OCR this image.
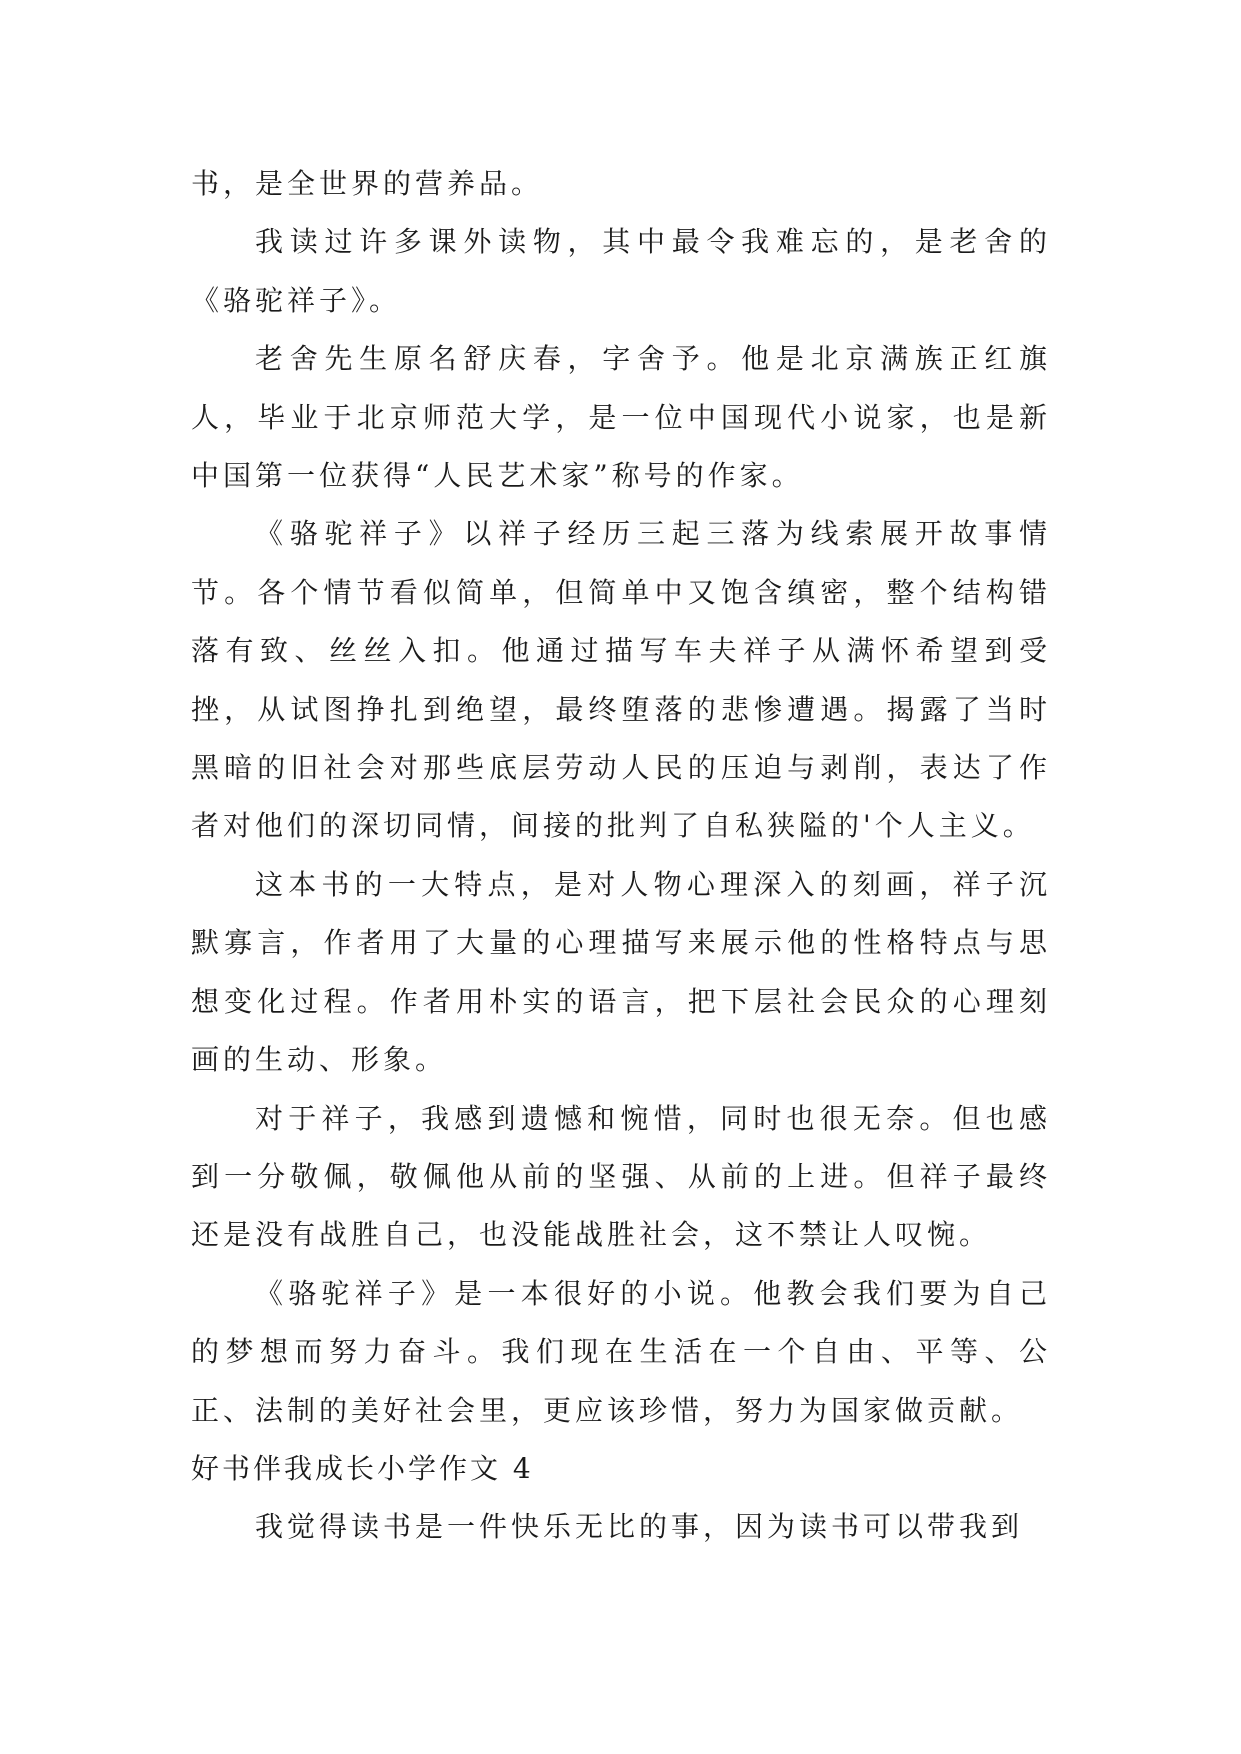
书，是全世界的营养品。

我读过许多课外读物，其中最令我难忘的，是老舍的《骆驼祥子》。

老舍先生原名舒庆春，字舍予。他是北京满族正红旗人，毕业于北京师范大学，是一位中国现代小说家，也是新中国第一位获得“人民艺术家”称号的作家。

《骆驼祥子》以祥子经历三起三落为线索展开故事情节。各个情节看似简单，但简单中又饱含缜密，整个结构错落有致、丝丝入扣。他通过描写车夫祥子从满怀希望到受挫，从试图挣扎到绝望，最终堕落的悲惨遭遇。揭露了当时黑暗的旧社会对那些底层劳动人民的压迫与剥削，表达了作者对他们的深切同情，间接的批判了自私狭隘的'个人主义。

这本书的一大特点，是对人物心理深入的刻画，祥子沉默寡言，作者用了大量的心理描写来展示他的性格特点与思想变化过程。作者用朴实的语言，把下层社会民众的心理刻画的生动、形象。

对于祥子，我感到遗憾和惋惜，同时也很无奈。但也感到一分敬佩，敬佩他从前的坚强、从前的上进。但祥子最终还是没有战胜自己，也没能战胜社会，这不禁让人叹惋。

《骆驼祥子》是一本很好的小说。他教会我们要为自己的梦想而努力奋斗。我们现在生活在一个自由、平等、公正、法制的美好社会里，更应该珍惜，努力为国家做贡献。

好书伴我成长小学作文 4

我觉得读书是一件快乐无比的事，因为读书可以带我到
